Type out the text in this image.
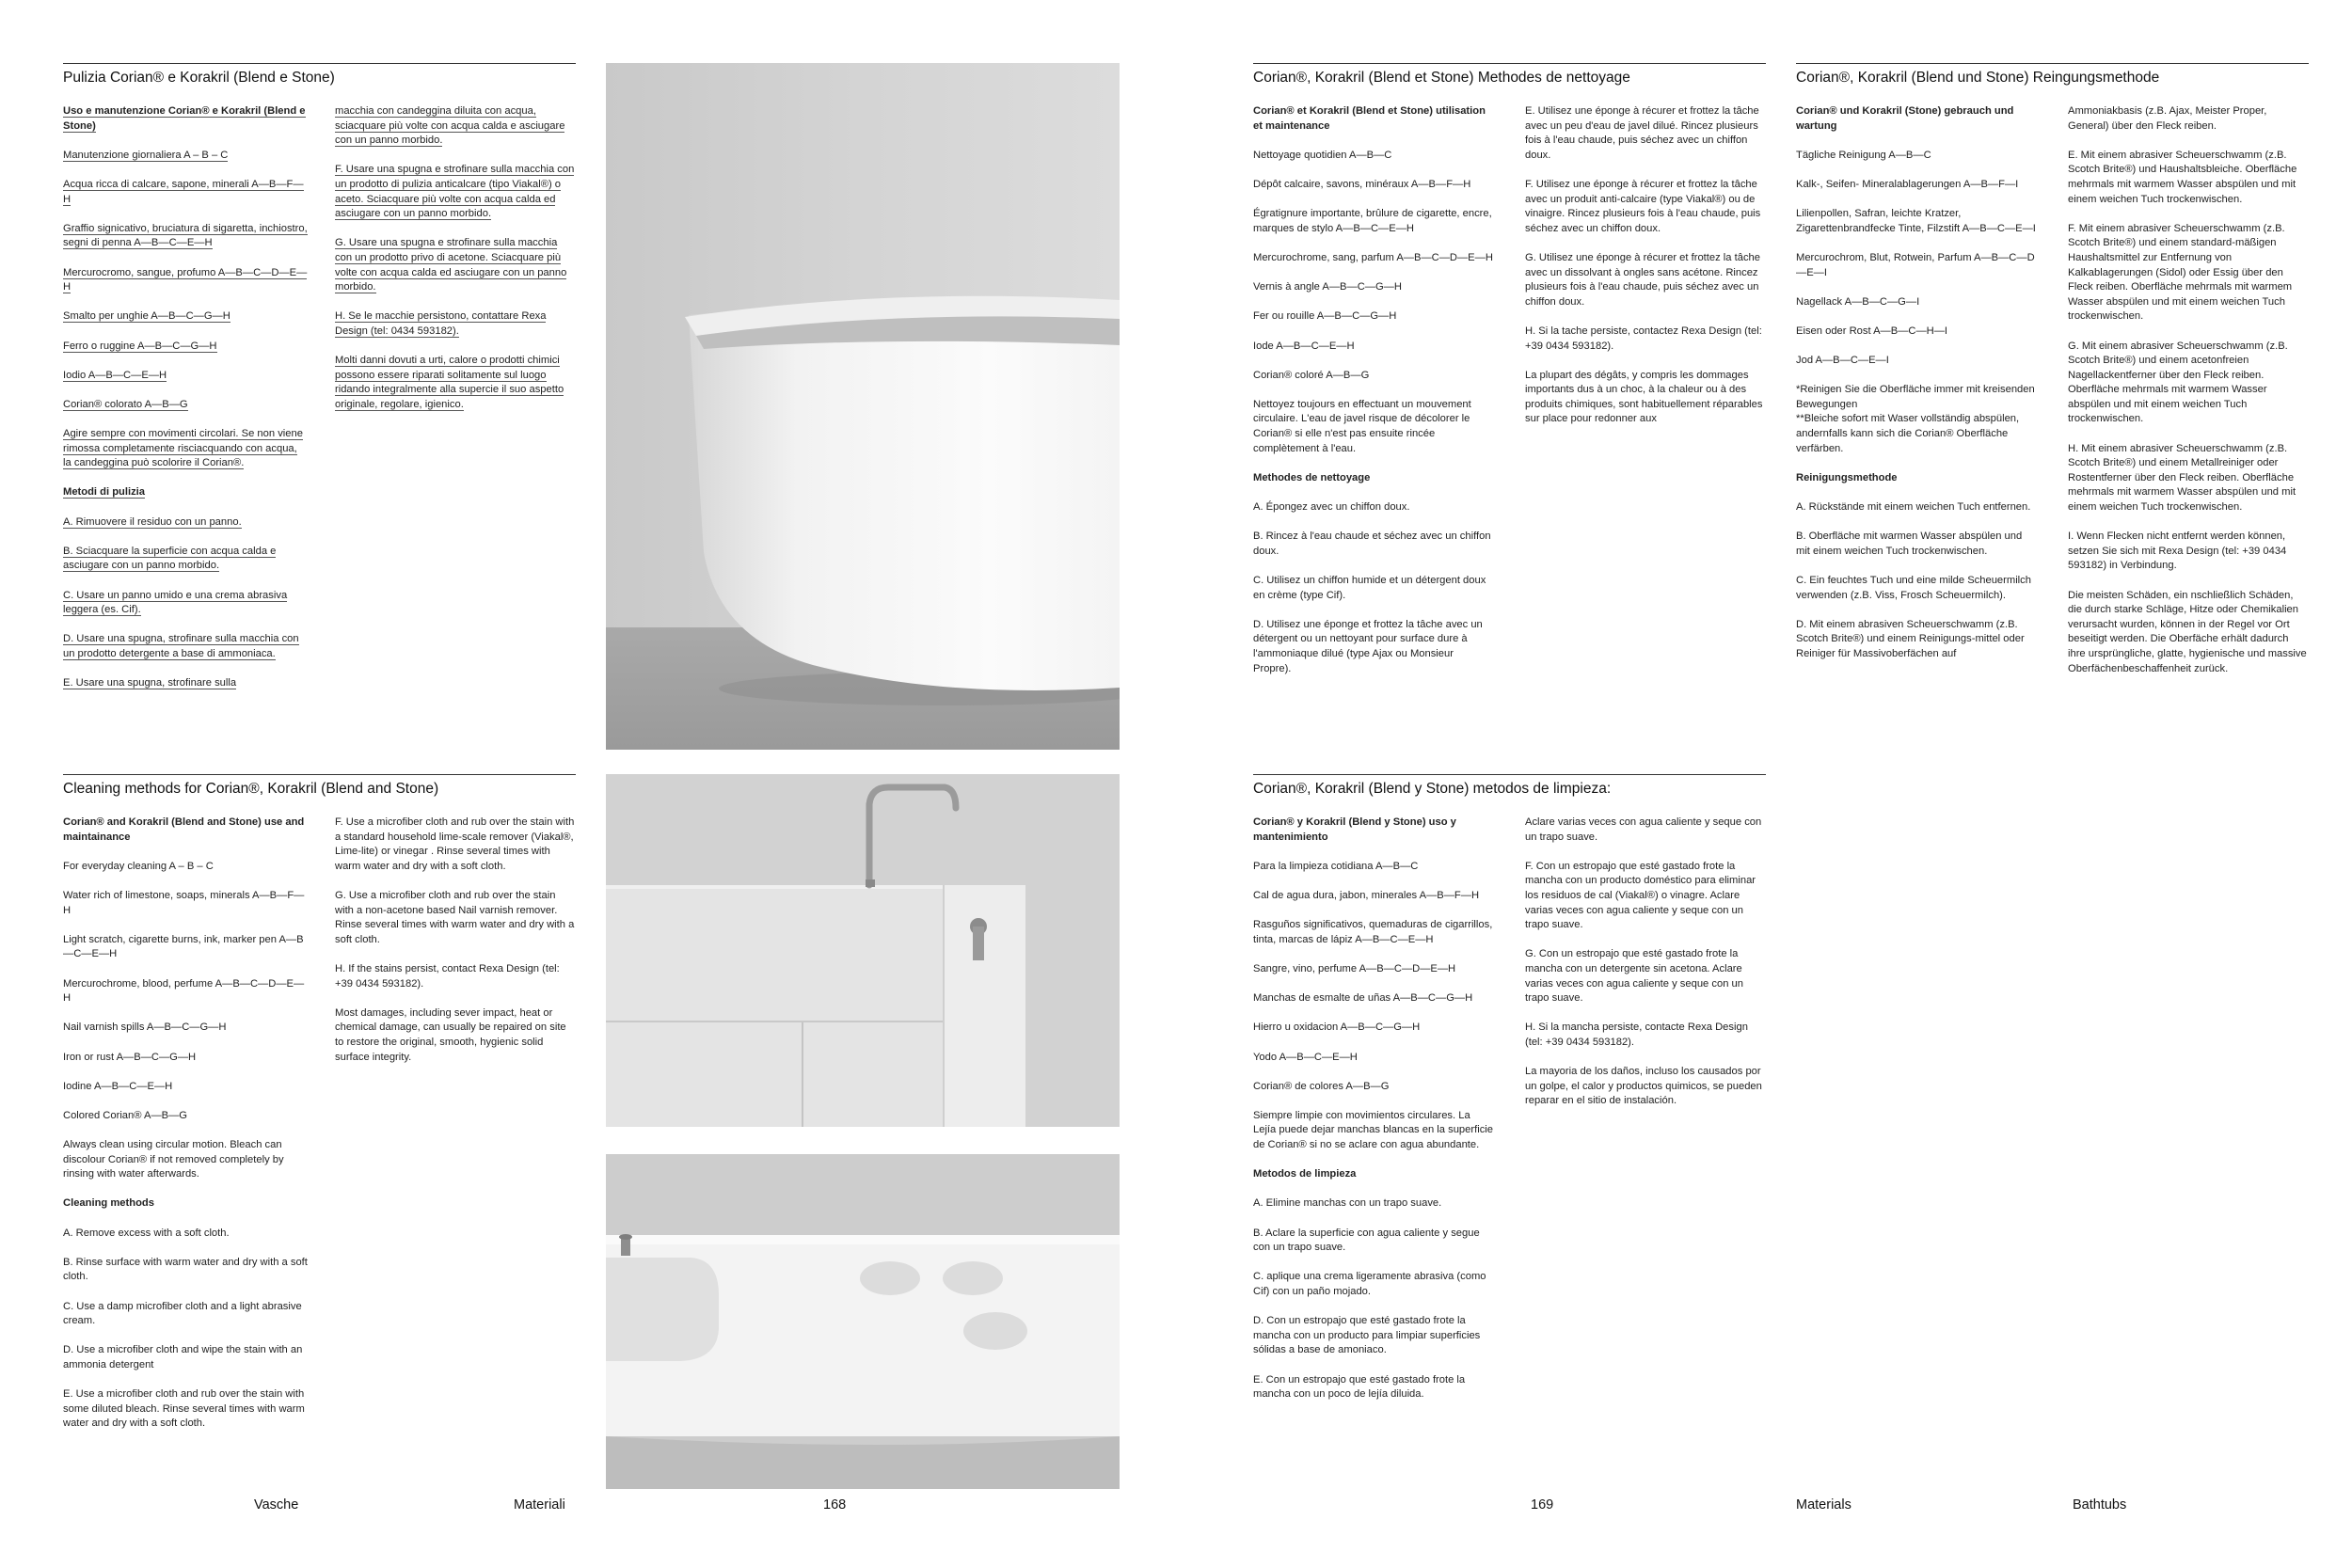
Pulizia Corian® e Korakril (Blend e Stone)

Uso e manutenzione Corian® e Korakril (Blend e Stone)

Manutenzione giornaliera A – B – C

Acqua ricca di calcare, sapone, minerali A—B—F—H

Graffio signicativo, bruciatura di sigaretta, inchiostro, segni di penna A—B—C—E—H

Mercurocromo, sangue, profumo A—B—C—D—E—H

Smalto per unghie A—B—C—G—H

Ferro o ruggine A—B—C—G—H

Iodio A—B—C—E—H

Corian® colorato A—B—G

Agire sempre con movimenti circolari. Se non viene rimossa completamente risciacquando con acqua, la candeggina può scolorire il Corian®.

Metodi di pulizia

A. Rimuovere il residuo con un panno.

B. Sciacquare la superficie con acqua calda e asciugare con un panno morbido.

C. Usare un panno umido e una crema abrasiva leggera (es. Cif).

D. Usare una spugna, strofinare sulla macchia con un prodotto detergente a base di ammoniaca.

E. Usare una spugna, strofinare sulla

macchia con candeggina diluita con acqua, sciacquare più volte con acqua calda e asciugare con un panno morbido.

F. Usare una spugna e strofinare sulla macchia con un prodotto di pulizia anticalcare (tipo Viakal®) o aceto. Sciacquare più volte con acqua calda ed asciugare con un panno morbido.

G. Usare una spugna e strofinare sulla macchia con un prodotto privo di acetone. Sciacquare più volte con acqua calda ed asciugare con un panno morbido.

H. Se le macchie persistono, contattare Rexa Design (tel: 0434 593182).

Molti danni dovuti a urti, calore o prodotti chimici possono essere riparati solitamente sul luogo ridando integralmente alla supercie il suo aspetto originale, regolare, igienico.

Cleaning methods for Corian®, Korakril (Blend and Stone)

Corian® and Korakril (Blend and Stone) use and maintainance

For everyday cleaning A – B – C

Water rich of limestone, soaps, minerals A—B—F—H

Light scratch, cigarette burns, ink, marker pen A—B—C—E—H

Mercurochrome, blood, perfume A—B—C—D—E—H

Nail varnish spills A—B—C—G—H

Iron or rust A—B—C—G—H

Iodine A—B—C—E—H

Colored Corian® A—B—G

Always clean using circular motion. Bleach can discolour Corian® if not removed completely by rinsing with water afterwards.

Cleaning methods

A. Remove excess with a soft cloth.

B. Rinse surface with warm water and dry with a soft cloth.

C. Use a damp microfiber cloth and a light abrasive cream.

D. Use a microfiber cloth and wipe the stain with an ammonia detergent

E. Use a microfiber cloth and rub over the stain with some diluted bleach. Rinse several times with warm water and dry with a soft cloth.

F. Use a microfiber cloth and rub over the stain with a standard household lime-scale remover (Viakal®, Lime-lite) or vinegar . Rinse several times with warm water and dry with a soft cloth.

G. Use a microfiber cloth and rub over the stain with a non-acetone based Nail varnish remover. Rinse several times with warm water and dry with a soft cloth.

H. If the stains persist, contact Rexa Design (tel: +39 0434 593182).

Most damages, including sever impact, heat or chemical damage, can usually be repaired on site to restore the original, smooth, hygienic solid surface integrity.

Corian®, Korakril (Blend et Stone) Methodes de nettoyage

Corian® et Korakril (Blend et Stone) utilisation et maintenance

Nettoyage quotidien A—B—C

Dépôt calcaire, savons, minéraux A—B—F—H

Égratignure importante, brûlure de cigarette, encre, marques de stylo A—B—C—E—H

Mercurochrome, sang, parfum A—B—C—D—E—H

Vernis à angle A—B—C—G—H

Fer ou rouille A—B—C—G—H

Iode A—B—C—E—H

Corian® coloré A—B—G

Nettoyez toujours en effectuant un mouvement circulaire. L'eau de javel risque de décolorer le Corian® si elle n'est pas ensuite rincée complètement à l'eau.

Methodes de nettoyage

A. Épongez avec un chiffon doux.

B. Rincez à l'eau chaude et séchez avec un chiffon doux.

C. Utilisez un chiffon humide et un détergent doux en crème (type Cif).

D. Utilisez une éponge et frottez la tâche avec un détergent ou un nettoyant pour surface dure à l'ammoniaque dilué (type Ajax ou Monsieur Propre).

E. Utilisez une éponge à récurer et frottez la tâche avec un peu d'eau de javel dilué. Rincez plusieurs fois à l'eau chaude, puis séchez avec un chiffon doux.

F. Utilisez une éponge à récurer et frottez la tâche avec un produit anti-calcaire (type Viakal®) ou de vinaigre. Rincez plusieurs fois à l'eau chaude, puis séchez avec un chiffon doux.

G. Utilisez une éponge à récurer et frottez la tâche avec un dissolvant à ongles sans acétone. Rincez plusieurs fois à l'eau chaude, puis séchez avec un chiffon doux.

H. Si la tache persiste, contactez Rexa Design (tel: +39 0434 593182).

La plupart des dégâts, y compris les dommages importants dus à un choc, à la chaleur ou à des produits chimiques, sont habituellement réparables sur place pour redonner aux

Corian®, Korakril (Blend und Stone) Reingungsmethode

Corian® und Korakril (Stone) gebrauch und wartung

Tägliche Reinigung A—B—C

Kalk-, Seifen- Mineralablagerungen A—B—F—I

Lilienpollen, Safran, leichte Kratzer, Zigarettenbrandfecke Tinte, Filzstift A—B—C—E—I

Mercurochrom, Blut, Rotwein, Parfum A—B—C—D—E—I

Nagellack A—B—C—G—I

Eisen oder Rost A—B—C—H—I

Jod A—B—C—E—I

*Reinigen Sie die Oberfläche immer mit kreisenden Bewegungen
**Bleiche sofort mit Waser vollständig abspülen, andernfalls kann sich die Corian® Oberfläche verfärben.

Reinigungsmethode

A. Rückstände mit einem weichen Tuch entfernen.

B. Oberfläche mit warmen Wasser abspülen und mit einem weichen Tuch trockenwischen.

C. Ein feuchtes Tuch und eine milde Scheuermilch verwenden (z.B. Viss, Frosch Scheuermilch).

D. Mit einem abrasiven Scheuerschwamm (z.B. Scotch Brite®) und einem Reinigungs-mittel oder Reiniger für Massivoberfächen auf

Ammoniakbasis (z.B. Ajax, Meister Proper, General) über den Fleck reiben.

E. Mit einem abrasiver Scheuerschwamm (z.B. Scotch Brite®) und Haushaltsbleiche. Oberfläche mehrmals mit warmem Wasser abspülen und mit einem weichen Tuch trockenwischen.

F. Mit einem abrasiver Scheuerschwamm (z.B. Scotch Brite®) und einem standard-mäßigen Haushaltsmittel zur Entfernung von Kalkablagerungen (Sidol) oder Essig über den Fleck reiben. Oberfläche mehrmals mit warmem Wasser abspülen und mit einem weichen Tuch trockenwischen.

G. Mit einem abrasiver Scheuerschwamm (z.B. Scotch Brite®) und einem acetonfreien Nagellackentferner über den Fleck reiben. Oberfläche mehrmals mit warmem Wasser abspülen und mit einem weichen Tuch trockenwischen.

H. Mit einem abrasiver Scheuerschwamm (z.B. Scotch Brite®) und einem Metallreiniger oder Rostentferner über den Fleck reiben. Oberfläche mehrmals mit warmem Wasser abspülen und mit einem weichen Tuch trockenwischen.

I. Wenn Flecken nicht entfernt werden können, setzen Sie sich mit Rexa Design (tel: +39 0434 593182) in Verbindung.

Die meisten Schäden, ein nschließlich Schäden, die durch starke Schläge, Hitze oder Chemikalien verursacht wurden, können in der Regel vor Ort beseitigt werden. Die Oberfäche erhält dadurch ihre ursprüngliche, glatte, hygienische und massive Oberfächenbeschaffenheit zurück.

Corian®, Korakril (Blend y Stone) metodos de limpieza:

Corian® y Korakril (Blend y Stone) uso y mantenimiento

Para la limpieza cotidiana A—B—C

Cal de agua dura, jabon, minerales A—B—F—H

Rasguños significativos, quemaduras de cigarrillos, tinta, marcas de lápiz A—B—C—E—H

Sangre, vino, perfume A—B—C—D—E—H

Manchas de esmalte de uñas A—B—C—G—H

Hierro u oxidacion A—B—C—G—H

Yodo A—B—C—E—H

Corian® de colores A—B—G

Siempre limpie con movimientos circulares. La Lejía puede dejar manchas blancas en la superficie de Corian® si no se aclare con agua abundante.

Metodos de limpieza

A. Elimine manchas con un trapo suave.

B. Aclare la superficie con agua caliente y segue con un trapo suave.

C. aplique una crema ligeramente abrasiva (como Cif) con un paño mojado.

D. Con un estropajo que esté gastado frote la mancha con un producto para limpiar superficies sólidas a base de amoniaco.

E. Con un estropajo que esté gastado frote la mancha con un poco de lejía diluida.

Aclare varias veces con agua caliente y seque con un trapo suave.

F. Con un estropajo que esté gastado frote la mancha con un producto doméstico para eliminar los residuos de cal (Viakal®) o vinagre. Aclare varias veces con agua caliente y seque con un trapo suave.

G. Con un estropajo que esté gastado frote la mancha con un detergente sin acetona. Aclare varias veces con agua caliente y seque con un trapo suave.

H. Si la mancha persiste, contacte Rexa Design (tel: +39 0434 593182).

La mayoria de los daños, incluso los causados por un golpe, el calor y productos quimicos, se pueden reparar en el sitio de instalación.

Vasche	Materiali	168	169	Materials	Bathtubs
